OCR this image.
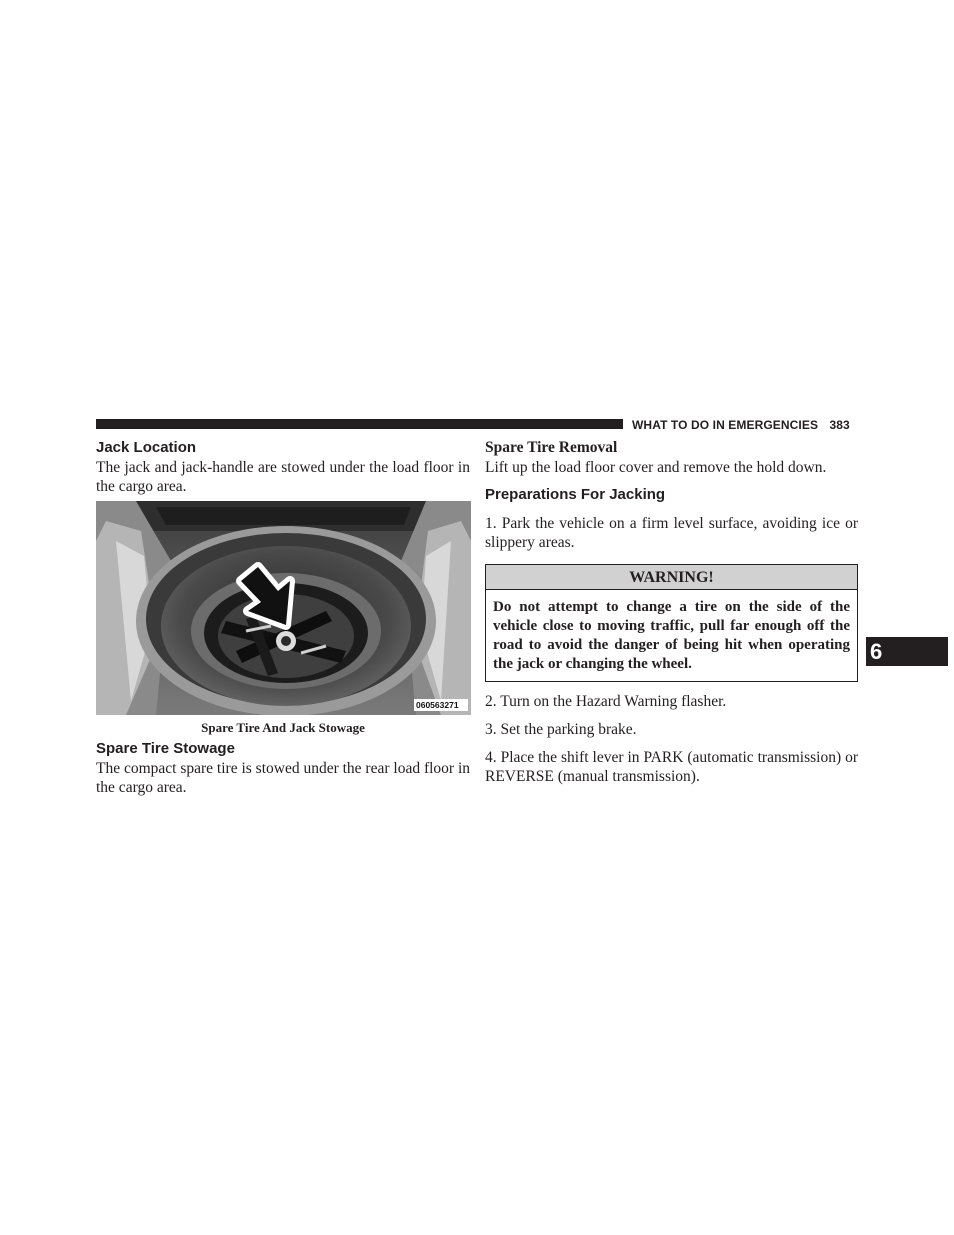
WHAT TO DO IN EMERGENCIES 383
Jack Location

The jack and jack-handle are stowed under the load floor in the cargo area.

060563271
Spare Tire And Jack Stowage
Spare Tire Stowage

The compact spare tire is stowed under the rear load floor in the cargo area.

Spare Tire Removal

Lift up the load floor cover and remove the hold down.

Preparations For Jacking

1. Park the vehicle on a firm level surface, avoiding ice or slippery areas.

WARNING!
Do not attempt to change a tire on the side of the vehicle close to moving traffic, pull far enough off the road to avoid the danger of being hit when operating the jack or changing the wheel.

2. Turn on the Hazard Warning flasher.

3. Set the parking brake.

4. Place the shift lever in PARK (automatic transmission) or REVERSE (manual transmission).

6
